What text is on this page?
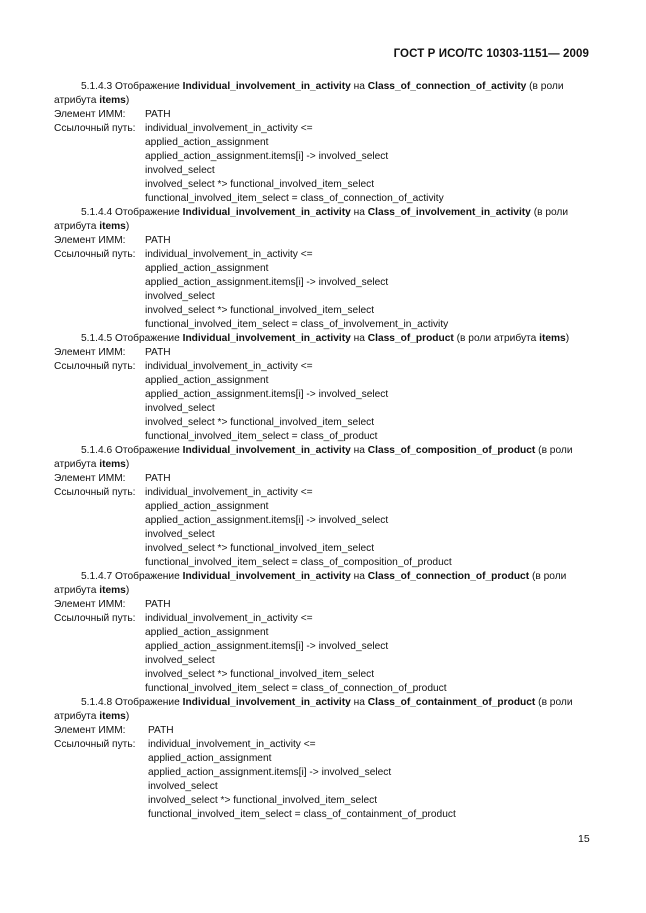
ГОСТ Р ИСО/ТС 10303-1151— 2009
5.1.4.3 Отображение Individual_involvement_in_activity на Class_of_connection_of_activity (в роли атрибута items)
Элемент ИММ:	PATH
Ссылочный путь: individual_involvement_in_activity <=
applied_action_assignment
applied_action_assignment.items[i] -> involved_select
involved_select
involved_select *> functional_involved_item_select
functional_involved_item_select = class_of_connection_of_activity
5.1.4.4 Отображение Individual_involvement_in_activity на Class_of_involvement_in_activity (в роли атрибута items)
Элемент ИММ:	PATH
Ссылочный путь: individual_involvement_in_activity <=
applied_action_assignment
applied_action_assignment.items[i] -> involved_select
involved_select
involved_select *> functional_involved_item_select
functional_involved_item_select = class_of_involvement_in_activity
5.1.4.5 Отображение Individual_involvement_in_activity на Class_of_product (в роли атрибута items)
Элемент ИММ:	PATH
Ссылочный путь: individual_involvement_in_activity <=
applied_action_assignment
applied_action_assignment.items[i] -> involved_select
involved_select
involved_select *> functional_involved_item_select
functional_involved_item_select = class_of_product
5.1.4.6 Отображение Individual_involvement_in_activity на Class_of_composition_of_product (в роли атрибута items)
Элемент ИММ:	PATH
Ссылочный путь: individual_involvement_in_activity <=
applied_action_assignment
applied_action_assignment.items[i] -> involved_select
involved_select
involved_select *> functional_involved_item_select
functional_involved_item_select = class_of_composition_of_product
5.1.4.7 Отображение Individual_involvement_in_activity на Class_of_connection_of_product (в роли атрибута items)
Элемент ИММ:	PATH
Ссылочный путь: individual_involvement_in_activity <=
applied_action_assignment
applied_action_assignment.items[i] -> involved_select
involved_select
involved_select *> functional_involved_item_select
functional_involved_item_select = class_of_connection_of_product
5.1.4.8 Отображение Individual_involvement_in_activity на Class_of_containment_of_product (в роли атрибута items)
Элемент ИММ:	PATH
Ссылочный путь:	individual_involvement_in_activity <=
applied_action_assignment
applied_action_assignment.items[i] -> involved_select
involved_select
involved_select *> functional_involved_item_select
functional_involved_item_select = class_of_containment_of_product
15
